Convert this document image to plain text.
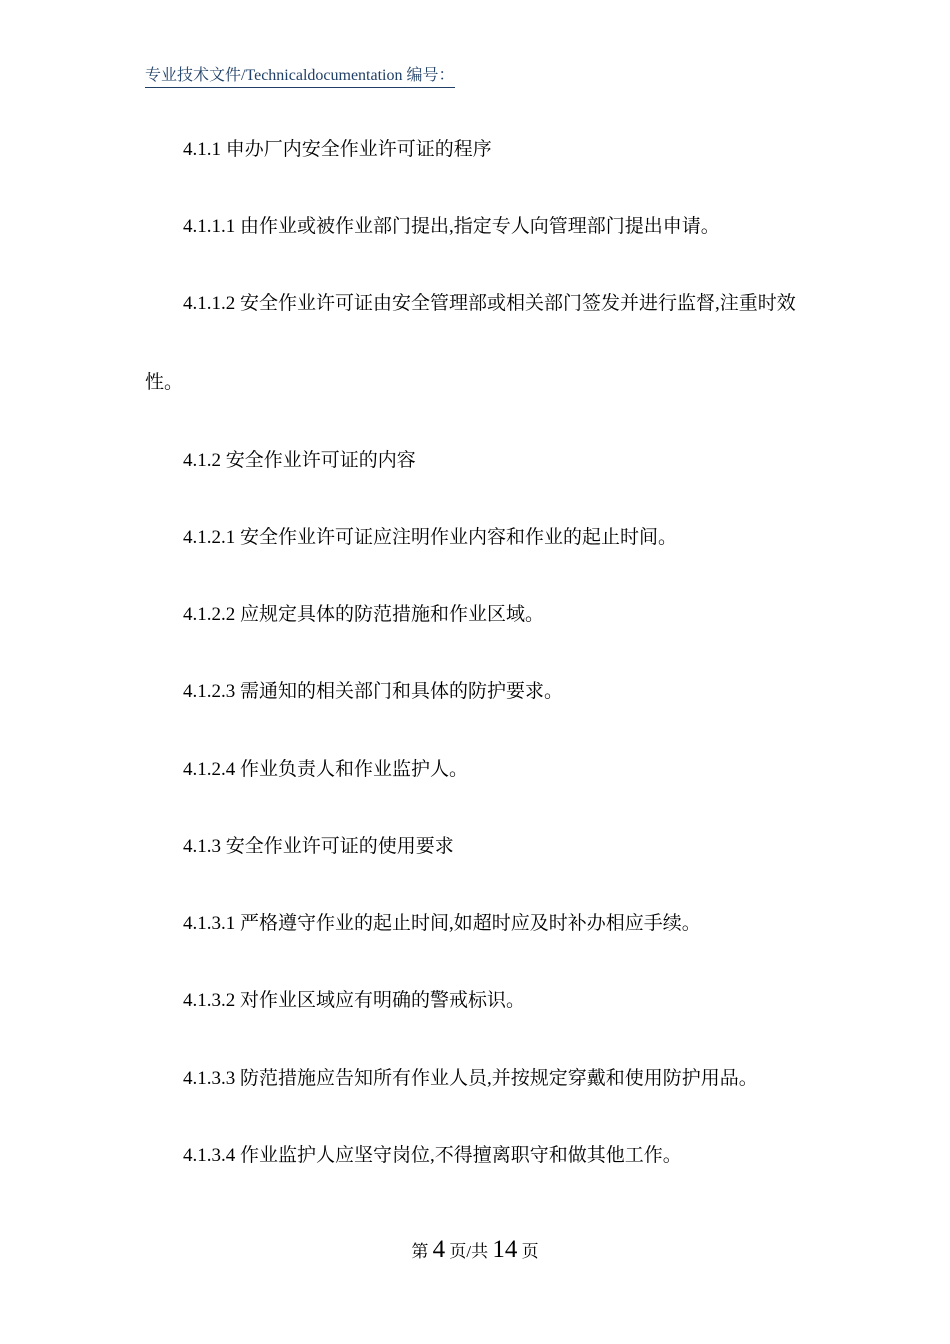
专业技术文件/Technicaldocumentation 编号：
4.1.1 申办厂内安全作业许可证的程序
4.1.1.1 由作业或被作业部门提出,指定专人向管理部门提出申请。
4.1.1.2 安全作业许可证由安全管理部或相关部门签发并进行监督,注重时效
性。
4.1.2 安全作业许可证的内容
4.1.2.1 安全作业许可证应注明作业内容和作业的起止时间。
4.1.2.2 应规定具体的防范措施和作业区域。
4.1.2.3 需通知的相关部门和具体的防护要求。
4.1.2.4 作业负责人和作业监护人。
4.1.3 安全作业许可证的使用要求
4.1.3.1 严格遵守作业的起止时间,如超时应及时补办相应手续。
4.1.3.2 对作业区域应有明确的警戒标识。
4.1.3.3 防范措施应告知所有作业人员,并按规定穿戴和使用防护用品。
4.1.3.4 作业监护人应坚守岗位,不得擅离职守和做其他工作。
第 4 页/共 14 页
